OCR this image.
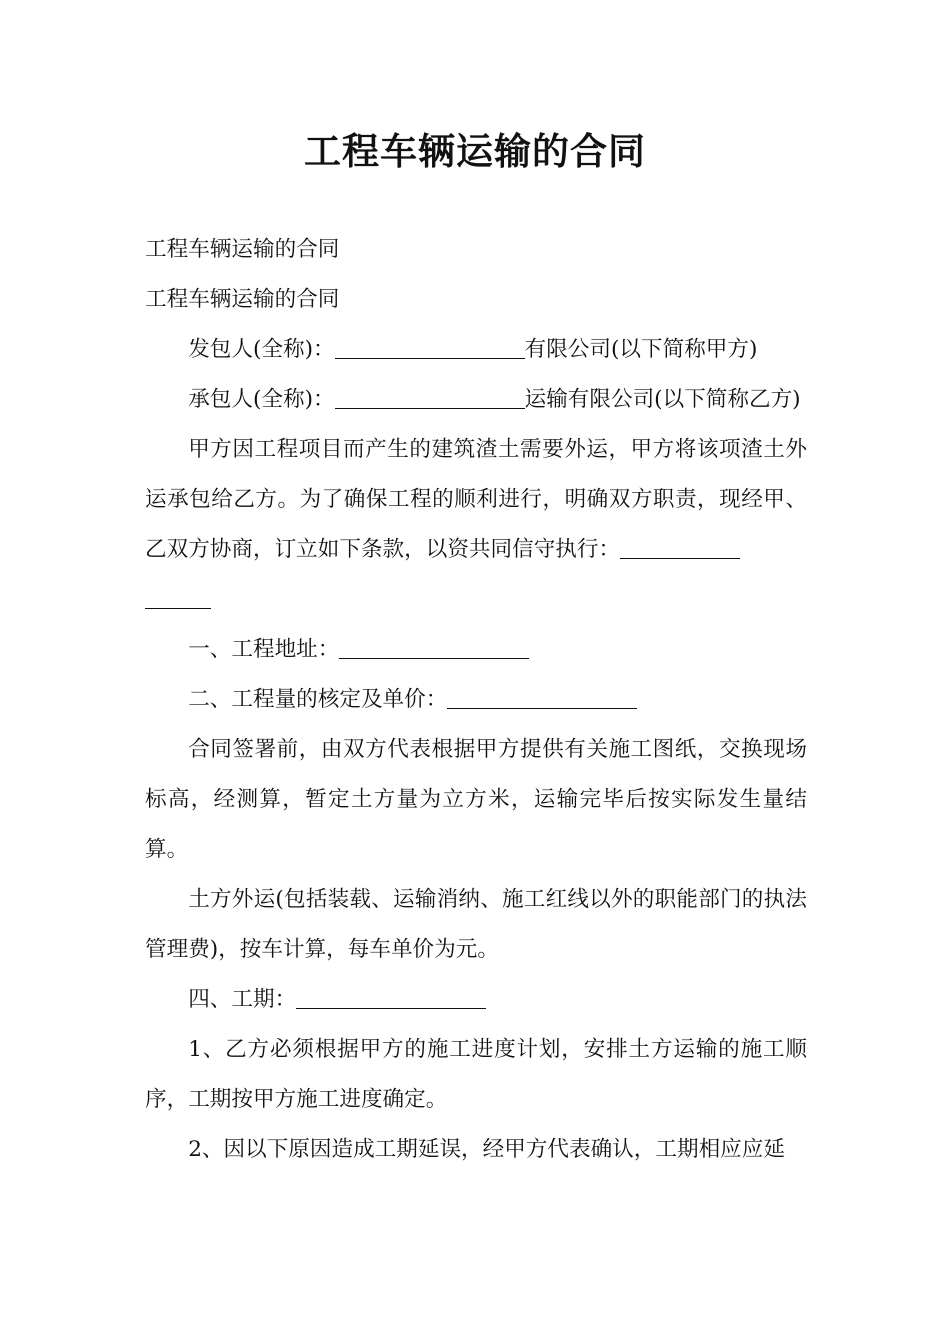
工程车辆运输的合同

工程车辆运输的合同

工程车辆运输的合同

发包人(全称)：	有限公司(以下简称甲方)

承包人(全称)：	运输有限公司(以下简称乙方)

甲方因工程项目而产生的建筑渣土需要外运，甲方将该项渣土外运承包给乙方。为了确保工程的顺利进行，明确双方职责，现经甲、乙双方协商，订立如下条款，以资共同信守执行：

一、工程地址：

二、工程量的核定及单价：

合同签署前，由双方代表根据甲方提供有关施工图纸，交换现场标高，经测算，暂定土方量为立方米，运输完毕后按实际发生量结算。

土方外运(包括装载、运输消纳、施工红线以外的职能部门的执法管理费)，按车计算，每车单价为元。

四、工期：

1、乙方必须根据甲方的施工进度计划，安排土方运输的施工顺序，工期按甲方施工进度确定。

2、因以下原因造成工期延误，经甲方代表确认，工期相应应延
